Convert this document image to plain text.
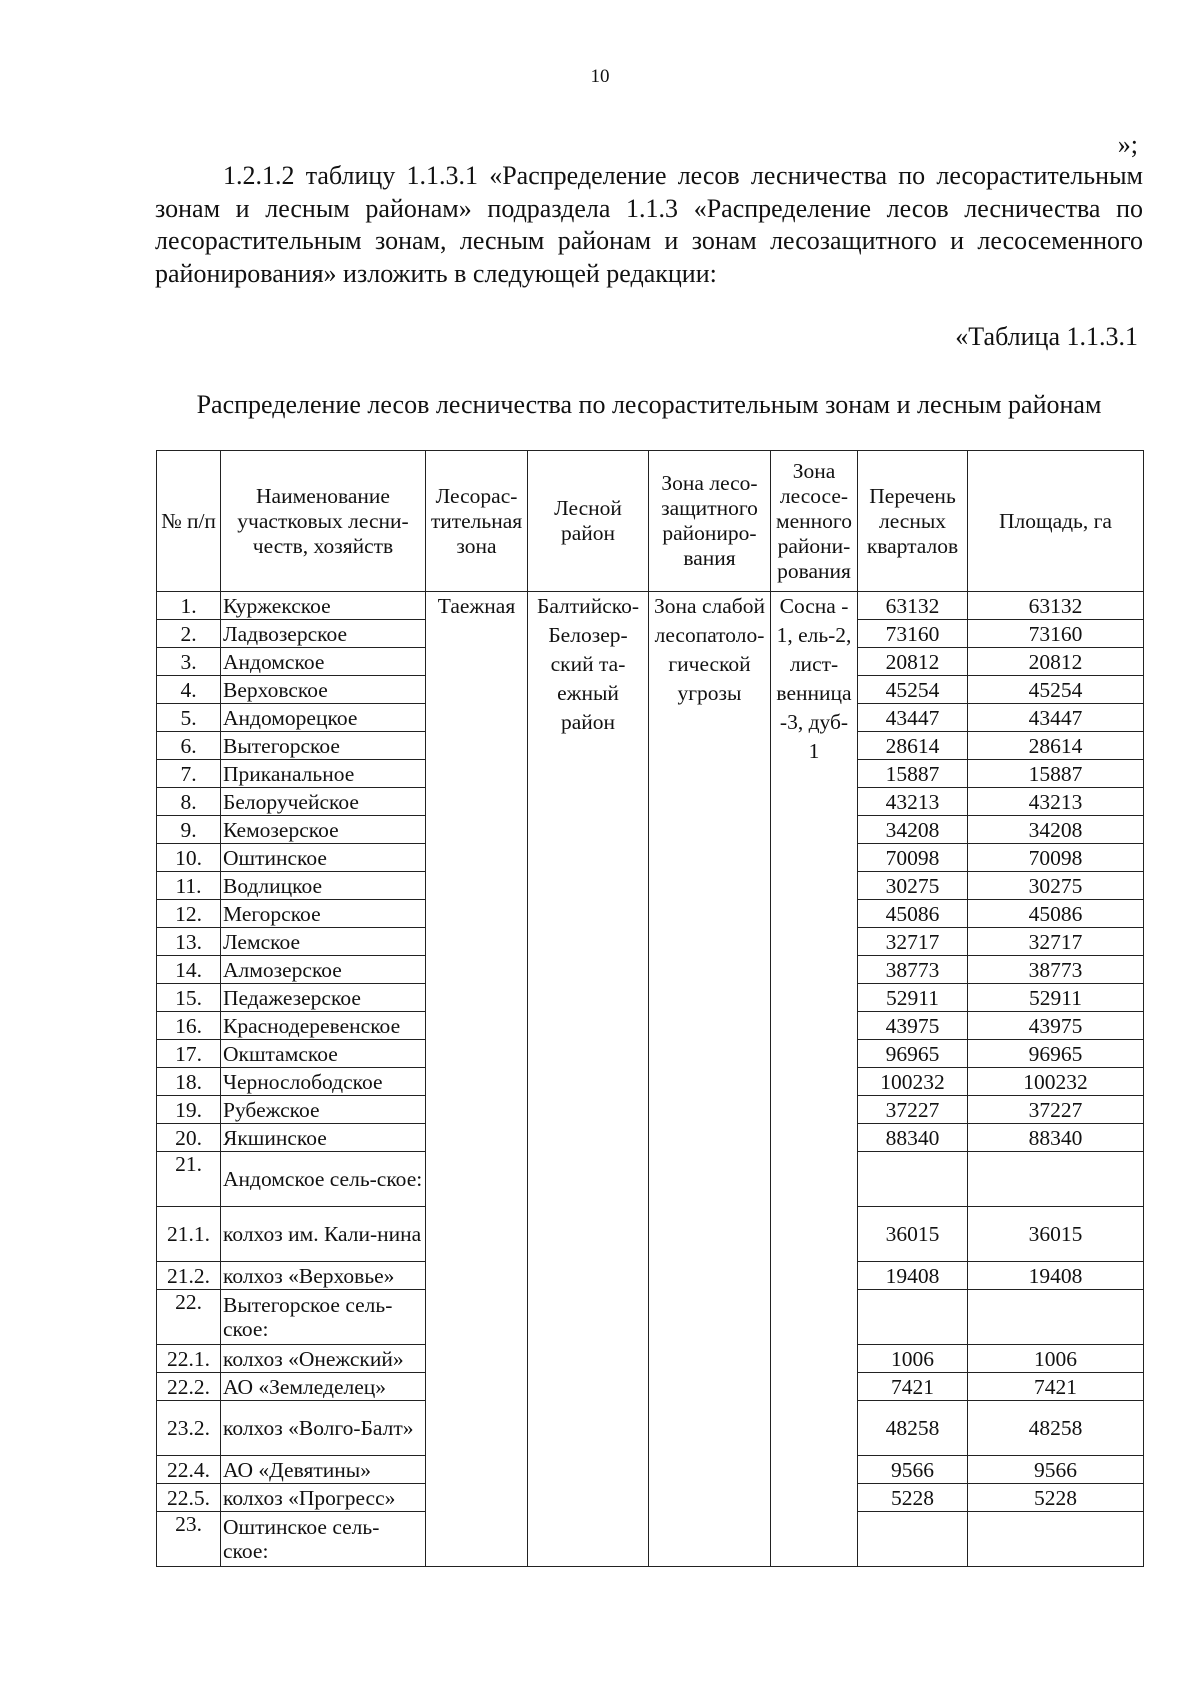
10
»;

1.2.1.2 таблицу 1.1.3.1 «Распределение лесов лесничества по лесорастительным зонам и лесным районам» подраздела 1.1.3 «Распределение лесов лесничества по лесорастительным зонам, лесным районам и зонам лесозащитного и лесосеменного районирования» изложить в следующей редакции:

«Таблица 1.1.3.1
Распределение лесов лесничества по лесорастительным зонам и лесным районам
№ п/п	Наименование участковых лесни-честв, хозяйств	Лесорас-тительная зона	Лесной район	Зона лесо-защитного райониро-вания	Зона лесосе-менного райони-рования	Перечень лесных кварталов	Площадь, га
1.	Куржекское	Таежная	Балтийско-Белозер-ский та-ежный район	Зона слабой лесопатоло-гической угрозы	Сосна - 1, ель-2, лист-венница -3, дуб- 1	63132	63132
2.	Ладвозерское					73160	73160
3.	Андомское					20812	20812
4.	Верховское					45254	45254
5.	Андоморецкое					43447	43447
6.	Вытегорское					28614	28614
7.	Приканальное					15887	15887
8.	Белоручейское					43213	43213
9.	Кемозерское					34208	34208
10.	Оштинское					70098	70098
11.	Водлицкое					30275	30275
12.	Мегорское					45086	45086
13.	Лемское					32717	32717
14.	Алмозерское					38773	38773
15.	Педажезерское					52911	52911
16.	Краснодеревенское					43975	43975
17.	Окштамское					96965	96965
18.	Чернослободское					100232	100232
19.	Рубежское					37227	37227
20.	Якшинское					88340	88340
21.	Андомское сель-ское:						
21.1.	колхоз им. Кали-нина					36015	36015
21.2.	колхоз «Верховье»					19408	19408
22.	Вытегорское сель-ское:						
22.1.	колхоз «Онежский»					1006	1006
22.2.	АО «Земледелец»					7421	7421
23.2.	колхоз «Волго-Балт»					48258	48258
22.4.	АО «Девятины»					9566	9566
22.5.	колхоз «Прогресс»					5228	5228
23.	Оштинское сель-ское:						
